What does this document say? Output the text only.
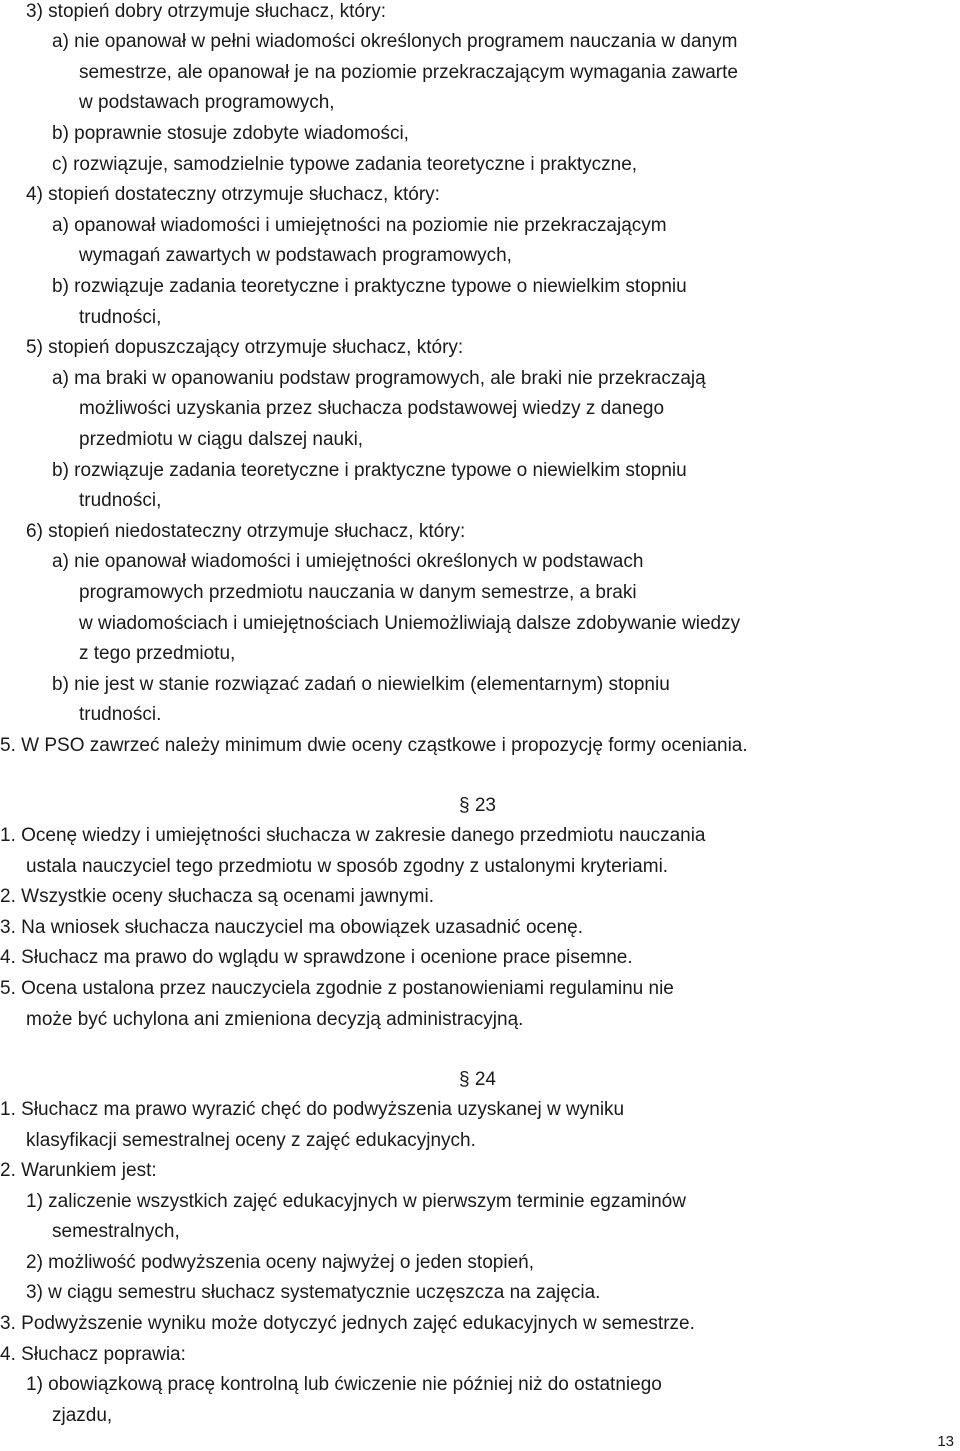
3) stopień dobry otrzymuje słuchacz, który:
a) nie opanował w pełni wiadomości określonych programem nauczania w danym
semestrze, ale opanował je na poziomie przekraczającym wymagania zawarte
w podstawach programowych,
b) poprawnie stosuje zdobyte wiadomości,
c) rozwiązuje, samodzielnie typowe zadania teoretyczne i praktyczne,
4) stopień dostateczny otrzymuje słuchacz, który:
a) opanował wiadomości i umiejętności na poziomie nie przekraczającym
wymagań zawartych w podstawach programowych,
b) rozwiązuje zadania teoretyczne i praktyczne typowe o niewielkim stopniu
trudności,
5) stopień dopuszczający otrzymuje słuchacz, który:
a) ma braki w opanowaniu podstaw programowych, ale braki nie przekraczają
możliwości uzyskania przez słuchacza podstawowej wiedzy z danego
przedmiotu w ciągu dalszej nauki,
b) rozwiązuje zadania teoretyczne i praktyczne typowe o niewielkim stopniu
trudności,
6) stopień niedostateczny otrzymuje słuchacz, który:
a) nie opanował wiadomości i umiejętności określonych w podstawach
programowych przedmiotu nauczania w danym semestrze, a braki
w wiadomościach i umiejętnościach Uniemożliwiają dalsze zdobywanie wiedzy
z tego przedmiotu,
b) nie jest w stanie rozwiązać zadań o niewielkim (elementarnym) stopniu
trudności.
5. W PSO zawrzeć należy minimum dwie oceny cząstkowe i propozycję formy oceniania.
§ 23
1. Ocenę wiedzy i umiejętności słuchacza w zakresie danego przedmiotu nauczania
ustala nauczyciel tego przedmiotu w sposób zgodny z ustalonymi kryteriami.
2. Wszystkie oceny słuchacza są ocenami jawnymi.
3. Na wniosek słuchacza nauczyciel ma obowiązek uzasadnić ocenę.
4. Słuchacz ma prawo do wglądu w sprawdzone i ocenione prace pisemne.
5. Ocena ustalona przez nauczyciela zgodnie z postanowieniami regulaminu nie
może być uchylona ani zmieniona decyzją administracyjną.
§ 24
1. Słuchacz ma prawo wyrazić chęć do podwyższenia uzyskanej w wyniku
klasyfikacji semestralnej oceny z zajęć edukacyjnych.
2. Warunkiem jest:
1) zaliczenie wszystkich zajęć edukacyjnych w pierwszym terminie egzaminów
semestralnych,
2) możliwość podwyższenia oceny najwyżej o jeden stopień,
3) w ciągu semestru słuchacz systematycznie uczęszcza na zajęcia.
3. Podwyższenie wyniku może dotyczyć jednych zajęć edukacyjnych w semestrze.
4. Słuchacz poprawia:
1) obowiązkową pracę kontrolną lub ćwiczenie nie później niż do ostatniego
zjazdu,
13
